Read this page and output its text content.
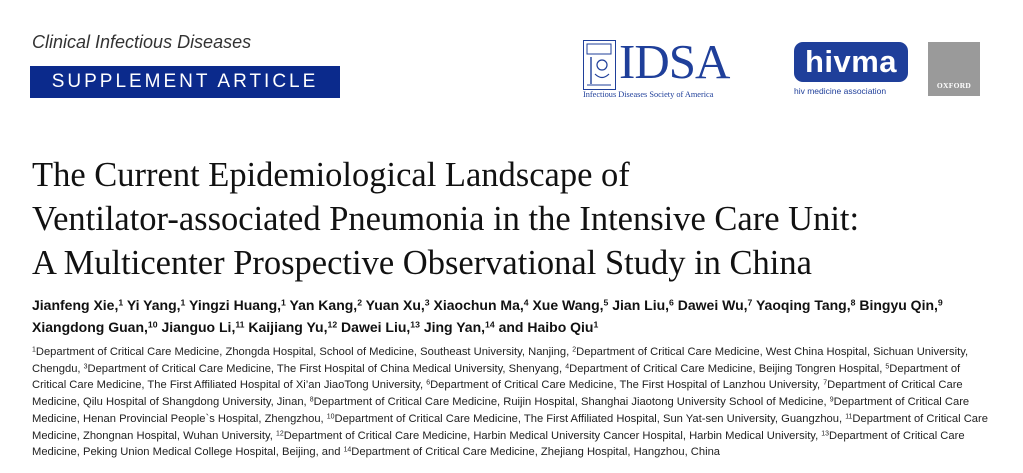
Clinical Infectious Diseases
SUPPLEMENT ARTICLE	IDSA
Infectious Diseases Society of America
hivma
hiv medicine association
OXFORD
The Current Epidemiological Landscape of
Ventilator-associated Pneumonia in the Intensive Care Unit:
A Multicenter Prospective Observational Study in China
Jianfeng Xie,$^1$ Yi Yang,$^1$ Yingzi Huang,$^1$ Yan Kang,$^2$ Yuan Xu,$^3$ Xiaochun Ma,$^4$ Xue Wang,$^5$ Jian Liu,$^6$ Dawei Wu,$^7$ Yaoqing Tang,$^8$ Bingyu Qin,$^9$
Xiangdong Guan,$^{10}$ Jianguo Li,$^{11}$ Kaijiang Yu,$^{12}$ Dawei Liu,$^{13}$ Jing Yan,$^{14}$ and Haibo Qiu$^1$
$^1$Department of Critical Care Medicine, Zhongda Hospital, School of Medicine, Southeast University, Nanjing, $^2$Department of Critical Care Medicine, West China Hospital, Sichuan University, Chengdu, $^3$Department of Critical Care Medicine, The First Hospital of China Medical University, Shenyang, $^4$Department of Critical Care Medicine, Beijing Tongren Hospital, $^5$Department of Critical Care Medicine, The First Affiliated Hospital of Xi’an JiaoTong University, $^6$Department of Critical Care Medicine, The First Hospital of Lanzhou University, $^7$Department of Critical Care Medicine, Qilu Hospital of Shangdong University, Jinan, $^8$Department of Critical Care Medicine, Ruijin Hospital, Shanghai Jiaotong University School of Medicine, $^9$Department of Critical Care Medicine, Henan Provincial People`s Hospital, Zhengzhou, $^{10}$Department of Critical Care Medicine, The First Affiliated Hospital, Sun Yat-sen University, Guangzhou, $^{11}$Department of Critical Care Medicine, Zhongnan Hospital, Wuhan University, $^{12}$Department of Critical Care Medicine, Harbin Medical University Cancer Hospital, Harbin Medical University, $^{13}$Department of Critical Care Medicine, Peking Union Medical College Hospital, Beijing, and $^{14}$Department of Critical Care Medicine, Zhejiang Hospital, Hangzhou, China
